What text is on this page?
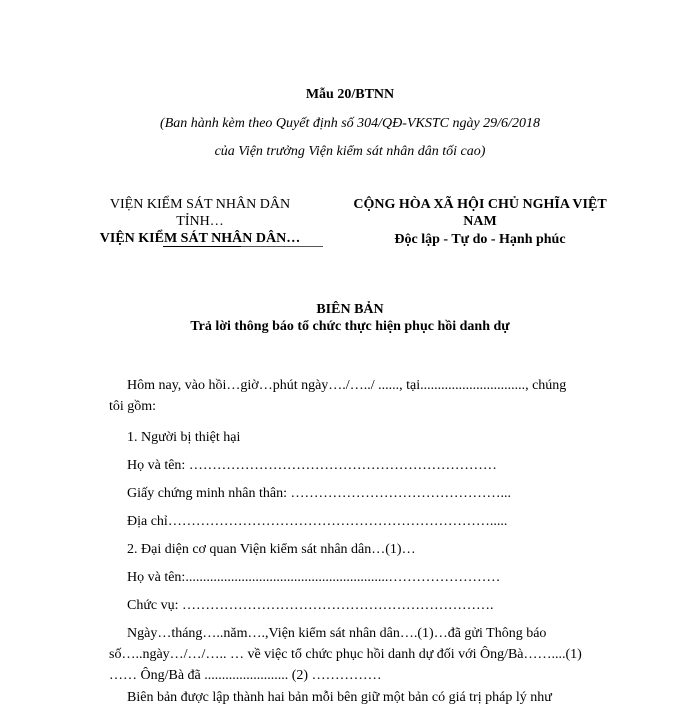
Mẫu 20/BTNN
(Ban hành kèm theo Quyết định số 304/QĐ-VKSTC ngày 29/6/2018
của Viện trưởng Viện kiểm sát nhân dân tối cao)
VIỆN KIỂM SÁT NHÂN DÂN
TỈNH…
VIỆN KIỂM SÁT NHÂN DÂN…
CỘNG HÒA XÃ HỘI CHỦ NGHĨA VIỆT
NAM
Độc lập - Tự do - Hạnh phúc
BIÊN BẢN
Trả lời thông báo tổ chức thực hiện phục hồi danh dự
Hôm nay, vào hồi…giờ…phút ngày…./…../ ......, tại.............................., chúng
tôi gồm:
1. Người bị thiệt hại
Họ và tên: …………………………………………………………
Giấy chứng minh nhân thân: ………………………………………...
Địa chỉ…………………………………………………………….....
2. Đại diện cơ quan Viện kiểm sát nhân dân…(1)…
Họ và tên:..........................................................……………………
Chức vụ: ………………………………………………………….
Ngày…tháng…..năm….,Viện kiểm sát nhân dân….(1)…đã gửi Thông báo
số…..ngày…/…/….. … về việc tổ chức phục hồi danh dự đối với Ông/Bà……....(1)
…… Ông/Bà đã ........................ (2) ……………
Biên bản được lập thành hai bản mỗi bên giữ một bản có giá trị pháp lý như
